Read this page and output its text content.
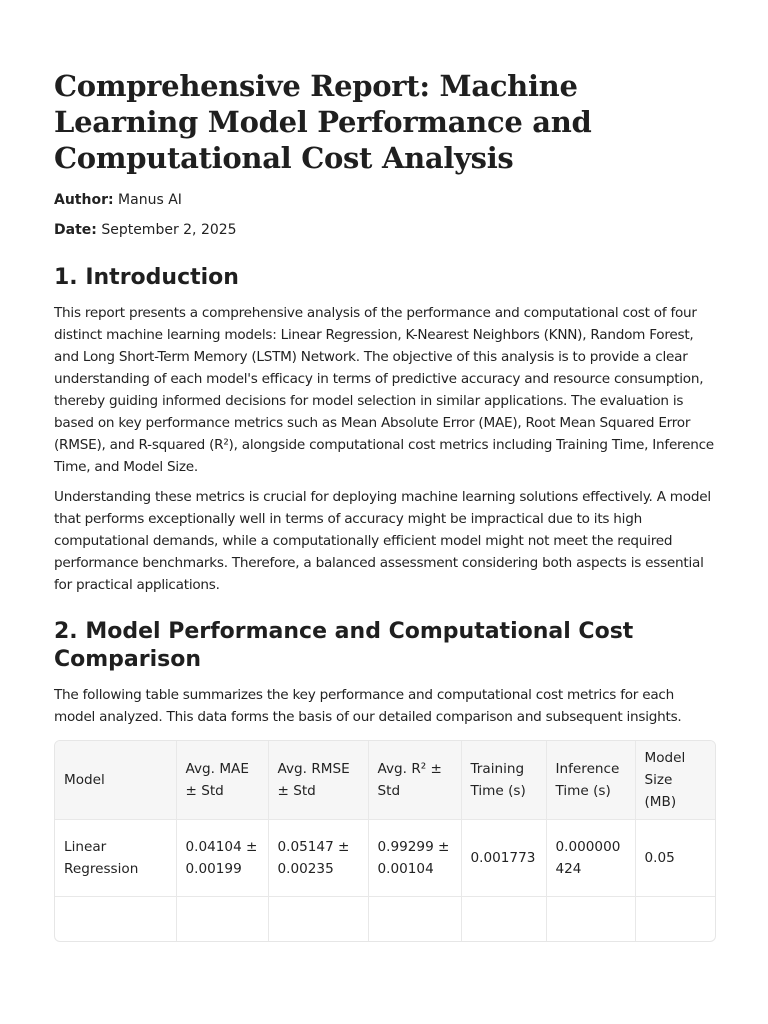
Comprehensive Report: Machine Learning Model Performance and Computational Cost Analysis
Author: Manus AI
Date: September 2, 2025
1. Introduction

This report presents a comprehensive analysis of the performance and computational cost of four distinct machine learning models: Linear Regression, K-Nearest Neighbors (KNN), Random Forest, and Long Short-Term Memory (LSTM) Network. The objective of this analysis is to provide a clear understanding of each model's efficacy in terms of predictive accuracy and resource consumption, thereby guiding informed decisions for model selection in similar applications. The evaluation is based on key performance metrics such as Mean Absolute Error (MAE), Root Mean Squared Error (RMSE), and R-squared (R²), alongside computational cost metrics including Training Time, Inference Time, and Model Size.

Understanding these metrics is crucial for deploying machine learning solutions effectively. A model that performs exceptionally well in terms of accuracy might be impractical due to its high computational demands, while a computationally efficient model might not meet the required performance benchmarks. Therefore, a balanced assessment considering both aspects is essential for practical applications.

2. Model Performance and Computational Cost Comparison

The following table summarizes the key performance and computational cost metrics for each model analyzed. This data forms the basis of our detailed comparison and subsequent insights.

Model	Avg. MAE ± Std	Avg. RMSE ± Std	Avg. R² ± Std	Training Time (s)	Inference Time (s)	Model Size (MB)
Linear Regression	0.04104 ± 0.00199	0.05147 ± 0.00235	0.99299 ± 0.00104	0.001773	0.000000424	0.05
